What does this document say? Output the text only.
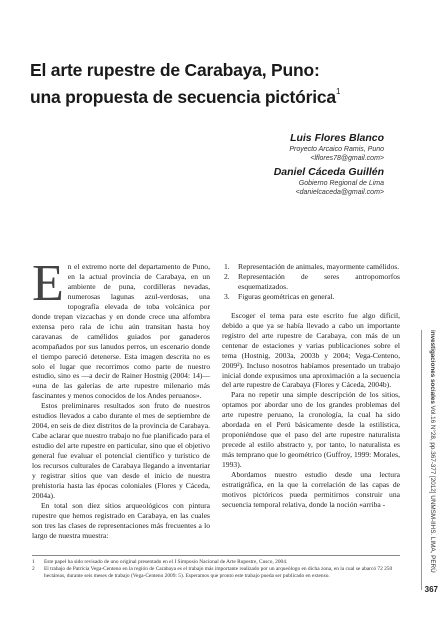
El arte rupestre de Carabaya, Puno:
una propuesta de secuencia pictórica$^1$
Luis Flores Blanco
Proyecto Arcaico Ramis, Puno
<lflores78@gmail.com>
Daniel Cáceda Guillén
Gobierno Regional de Lima
<danielcaceda@gmail.com>

En el extremo norte del departamento de Puno, en la actual provincia de Carabaya, en un ambiente de puna, cordilleras nevadas, numerosas lagunas azul-verdosas, una topografía elevada de toba volcánica por donde trepan vizcachas y en donde crece una alfombra extensa pero rala de ichu aún transitan hasta hoy caravanas de camélidos guiados por ganaderos acompañados por sus lanudos perros, un escenario donde el tiempo pareció detenerse. Esta imagen descrita no es solo el lugar que recorrimos como parte de nuestro estudio, sino es —a decir de Rainer Hostnig (2004: 14)— «una de las galerías de arte rupestre milenario más fascinantes y menos conocidos de los Andes peruanos».

Estos preliminares resultados son fruto de nuestros estudios llevados a cabo durante el mes de septiembre de 2004, en seis de diez distritos de la provincia de Carabaya. Cabe aclarar que nuestro trabajo no fue planificado para el estudio del arte rupestre en particular, sino que el objetivo general fue evaluar el potencial científico y turístico de los recursos culturales de Carabaya llegando a inventariar y registrar sitios que van desde el inicio de nuestra prehistoria hasta las épocas coloniales (Flores y Cáceda, 2004a).

En total son diez sitios arqueológicos con pintura rupestre que hemos registrado en Carabaya, en las cuales son tres las clases de representaciones más frecuentes a lo largo de nuestra muestra:

1. Representación de animales, mayormente camélidos.
2. Representación de seres antropomorfos esquematizados.
3. Figuras geométricas en general.

Escoger el tema para este escrito fue algo difícil, debido a que ya se había llevado a cabo un importante registro del arte rupestre de Carabaya, con más de un centenar de estaciones y varias publicaciones sobre el tema (Hostnig, 2003a, 2003b y 2004; Vega-Centeno, 2009²). Incluso nosotros habíamos presentado un trabajo inicial donde expusimos una aproximación a la secuencia del arte rupestre de Carabaya (Flores y Cáceda, 2004b).

Para no repetir una simple descripción de los sitios, optamos por abordar uno de los grandes problemas del arte rupestre peruano, la cronología, la cual ha sido abordada en el Perú básicamente desde la estilística, proponiéndose que el paso del arte rupestre naturalista precede al estilo abstracto y, por tanto, lo naturalista es más temprano que lo geométrico (Guffroy, 1999: Morales, 1993).

Abordamos nuestro estudio desde una lectura estratigráfica, en la que la correlación de las capas de motivos pictóricos pueda permitirnos construir una secuencia temporal relativa, donde la noción «arriba -

1 Este papel ha sido revisado de uno original presentado en el I Simposio Nacional de Arte Rupestre, Cusco, 2004.
2 El trabajo de Patricia Vega-Centeno en la región de Carabaya es el trabajo más importante realizado por un arqueólogo en dicha zona, en la cual se abarcó 72 250 hectáreas, durante seis meses de trabajo (Vega-Centeno 2009: 5). Esperamos que pronto este trabajo pueda ser publicado en extenso.
investigaciones sociales Vol.16 N°28, pp.367-377 [2012] UNMSM-IIHS. LIMA, PERÚ
367
